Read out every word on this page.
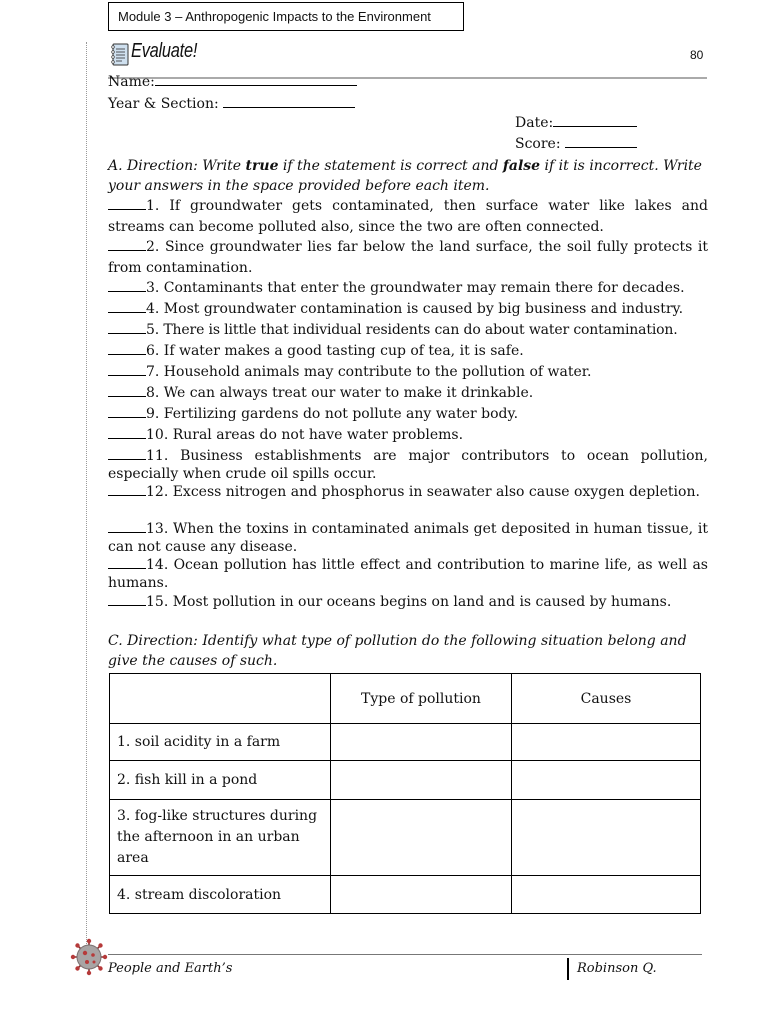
Module 3 – Anthropogenic Impacts to the Environment
Evaluate!	80
Name:
Year & Section:
Date:
Score:
A. Direction: Write true if the statement is correct and false if it is incorrect. Write your answers in the space provided before each item.
1. If groundwater gets contaminated, then surface water like lakes and streams can become polluted also, since the two are often connected.
2. Since groundwater lies far below the land surface, the soil fully protects it from contamination.
3. Contaminants that enter the groundwater may remain there for decades.
4. Most groundwater contamination is caused by big business and industry.
5. There is little that individual residents can do about water contamination.
6. If water makes a good tasting cup of tea, it is safe.
7. Household animals may contribute to the pollution of water.
8. We can always treat our water to make it drinkable.
9. Fertilizing gardens do not pollute any water body.
10. Rural areas do not have water problems.
11. Business establishments are major contributors to ocean pollution, especially when crude oil spills occur.
12. Excess nitrogen and phosphorus in seawater also cause oxygen depletion.
13. When the toxins in contaminated animals get deposited in human tissue, it can not cause any disease.
14. Ocean pollution has little effect and contribution to marine life, as well as humans.
15. Most pollution in our oceans begins on land and is caused by humans.
C. Direction: Identify what type of pollution do the following situation belong and give the causes of such.
	Type of pollution	Causes
1. soil acidity in a farm		
2. fish kill in a pond		
3. fog-like structures during the afternoon in an urban area		
4. stream discoloration		
People and Earth’s	Robinson Q.
